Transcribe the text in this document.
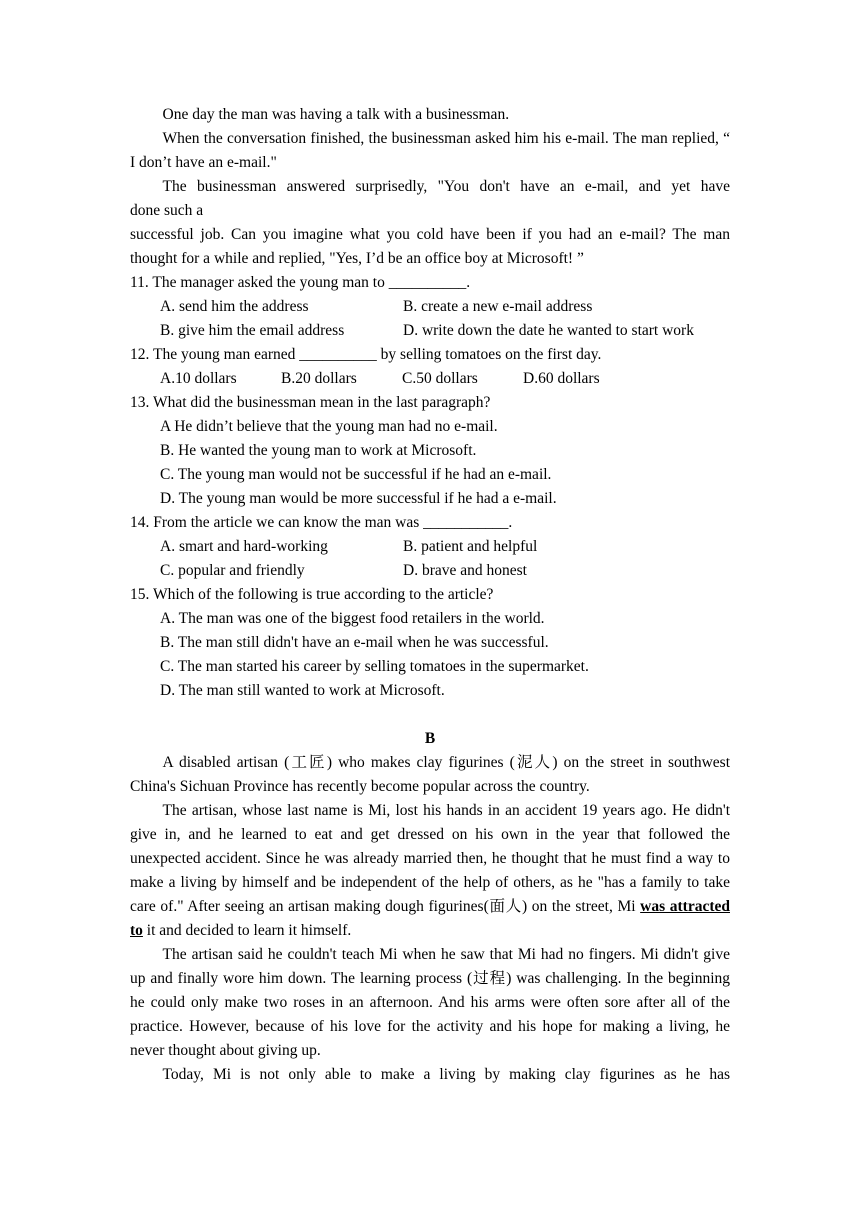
One day the man was having a talk with a businessman.

When the conversation finished, the businessman asked him his e-mail. The man replied, “ I don’t have an e-mail."

The businessman answered surprisedly, "You don't have an e-mail, and yet have

done such a

successful job. Can you imagine what you cold have been if you had an e-mail? The man thought for a while and replied, "Yes, I’d be an office boy at Microsoft! ”

11. The manager asked the young man to __________.

A. send him the address	B. create a new e-mail address
B. give him the email address	D. write down the date he wanted to start work

12. The young man earned __________ by selling tomatoes on the first day.

A.10 dollars	B.20 dollars	C.50 dollars	D.60 dollars

13. What did the businessman mean in the last paragraph?

A He didn’t believe that the young man had no e-mail.

B. He wanted the young man to work at Microsoft.

C. The young man would not be successful if he had an e-mail.

D. The young man would be more successful if he had a e-mail.

14. From the article we can know the man was ___________.

A. smart and hard-working	B. patient and helpful
C. popular and friendly	D. brave and honest

15. Which of the following is true according to the article?

A. The man was one of the biggest food retailers in the world.

B. The man still didn't have an e-mail when he was successful.

C. The man started his career by selling tomatoes in the supermarket.

D. The man still wanted to work at Microsoft.

B

A disabled artisan (工匠) who makes clay figurines (泥人) on the street in southwest China's Sichuan Province has recently become popular across the country.

The artisan, whose last name is Mi, lost his hands in an accident 19 years ago. He didn't give in, and he learned to eat and get dressed on his own in the year that followed the unexpected accident. Since he was already married then, he thought that he must find a way to make a living by himself and be independent of the help of others, as he "has a family to take care of." After seeing an artisan making dough figurines(面人) on the street, Mi was attracted to it and decided to learn it himself.

The artisan said he couldn't teach Mi when he saw that Mi had no fingers. Mi didn't give up and finally wore him down. The learning process (过程) was challenging. In the beginning he could only make two roses in an afternoon. And his arms were often sore after all of the practice. However, because of his love for the activity and his hope for making a living, he never thought about giving up.

Today, Mi is not only able to make a living by making clay figurines as he has
